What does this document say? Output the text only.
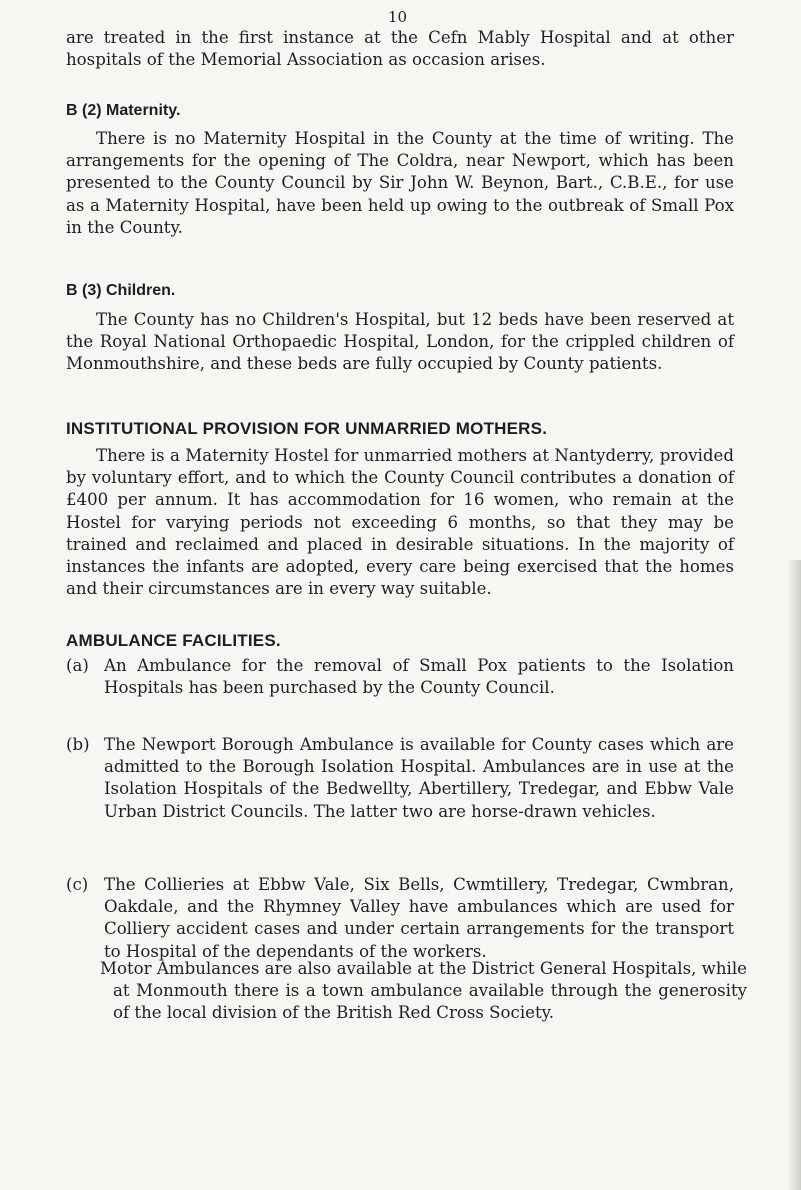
10

are treated in the first instance at the Cefn Mably Hospital and at other hospitals of the Memorial Association as occasion arises.

B (2) Maternity.

There is no Maternity Hospital in the County at the time of writing. The arrangements for the opening of The Coldra, near Newport, which has been presented to the County Council by Sir John W. Beynon, Bart., C.B.E., for use as a Maternity Hospital, have been held up owing to the outbreak of Small Pox in the County.

B (3) Children.

The County has no Children's Hospital, but 12 beds have been reserved at the Royal National Orthopaedic Hospital, London, for the crippled children of Monmouthshire, and these beds are fully occupied by County patients.

INSTITUTIONAL PROVISION FOR UNMARRIED MOTHERS.

There is a Maternity Hostel for unmarried mothers at Nantyderry, provided by voluntary effort, and to which the County Council contributes a donation of £400 per annum. It has accommodation for 16 women, who remain at the Hostel for varying periods not exceeding 6 months, so that they may be trained and reclaimed and placed in desirable situations. In the majority of instances the infants are adopted, every care being exercised that the homes and their circumstances are in every way suitable.

AMBULANCE FACILITIES.
(a) An Ambulance for the removal of Small Pox patients to the Isolation Hospitals has been purchased by the County Council.

(b) The Newport Borough Ambulance is available for County cases which are admitted to the Borough Isolation Hospital. Ambulances are in use at the Isolation Hospitals of the Bedwellty, Abertillery, Tredegar, and Ebbw Vale Urban District Councils. The latter two are horse-drawn vehicles.

(c) The Collieries at Ebbw Vale, Six Bells, Cwmtillery, Tredegar, Cwmbran, Oakdale, and the Rhymney Valley have ambulances which are used for Colliery accident cases and under certain arrangements for the transport to Hospital of the dependants of the workers.

Motor Ambulances are also available at the District General Hospitals, while at Monmouth there is a town ambulance available through the generosity of the local division of the British Red Cross Society.
